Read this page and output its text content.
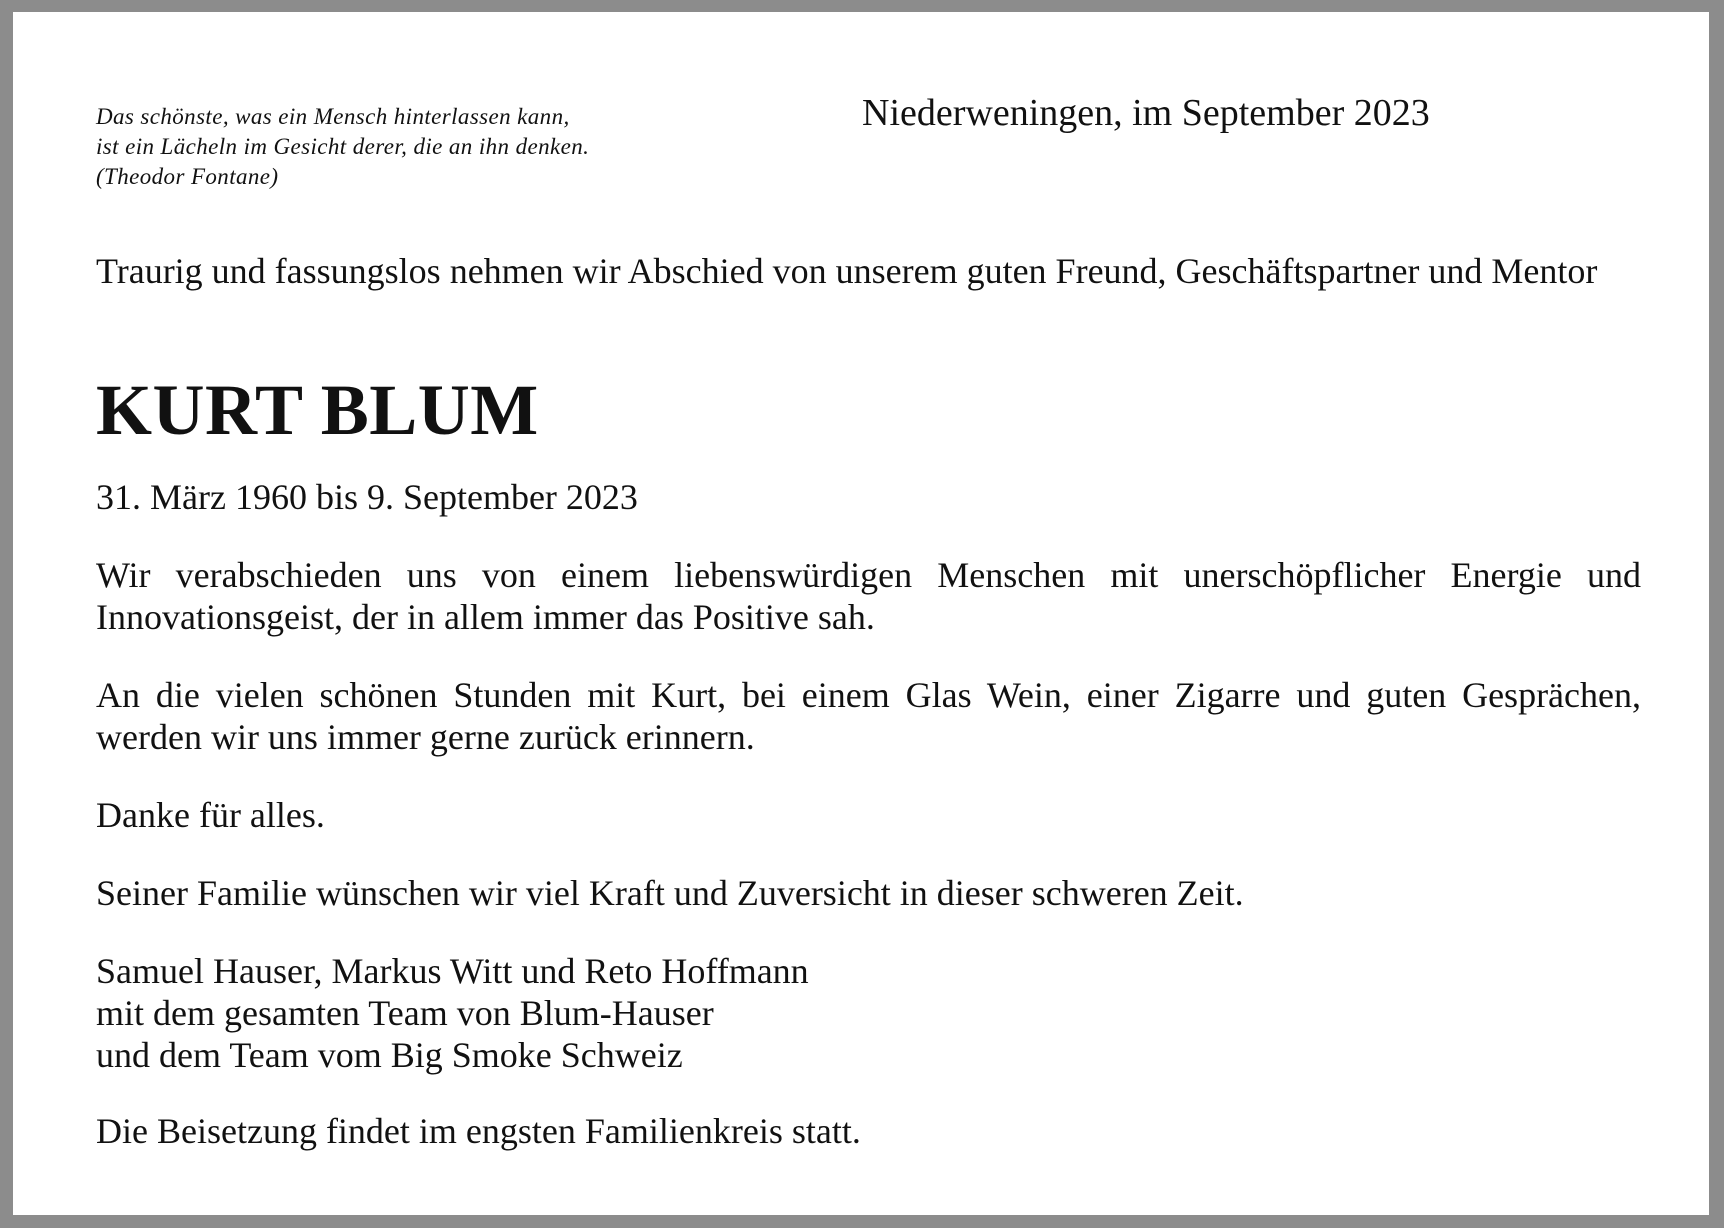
Das schönste, was ein Mensch hinterlassen kann,
ist ein Lächeln im Gesicht derer, die an ihn denken.
(Theodor Fontane)
Niederweningen, im September 2023
Traurig und fassungslos nehmen wir Abschied von unserem guten Freund, Geschäftspartner und Mentor
KURT BLUM
31. März 1960 bis 9. September 2023
Wir verabschieden uns von einem liebenswürdigen Menschen mit unerschöpflicher Energie und Innovationsgeist, der in allem immer das Positive sah.
An die vielen schönen Stunden mit Kurt, bei einem Glas Wein, einer Zigarre und guten Gesprächen, werden wir uns immer gerne zurück erinnern.
Danke für alles.
Seiner Familie wünschen wir viel Kraft und Zuversicht in dieser schweren Zeit.
Samuel Hauser, Markus Witt und Reto Hoffmann
mit dem gesamten Team von Blum-Hauser
und dem Team vom Big Smoke Schweiz
Die Beisetzung findet im engsten Familienkreis statt.
